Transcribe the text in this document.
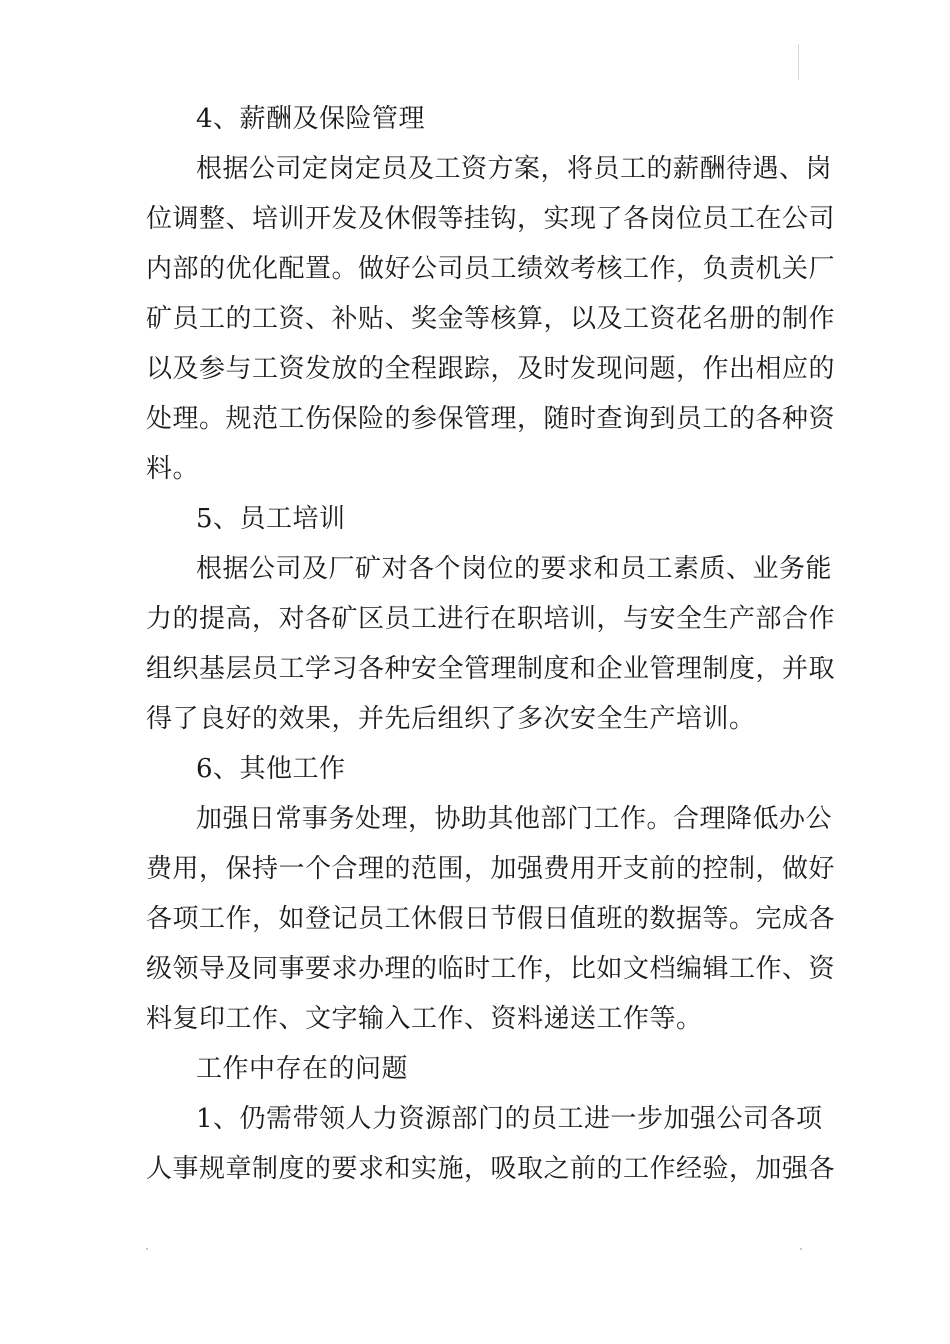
4、薪酬及保险管理
根据公司定岗定员及工资方案，将员工的薪酬待遇、岗
位调整、培训开发及休假等挂钩，实现了各岗位员工在公司
内部的优化配置。做好公司员工绩效考核工作，负责机关厂
矿员工的工资、补贴、奖金等核算，以及工资花名册的制作
以及参与工资发放的全程跟踪，及时发现问题，作出相应的
处理。规范工伤保险的参保管理，随时查询到员工的各种资
料。
5、员工培训
根据公司及厂矿对各个岗位的要求和员工素质、业务能
力的提高，对各矿区员工进行在职培训，与安全生产部合作
组织基层员工学习各种安全管理制度和企业管理制度，并取
得了良好的效果，并先后组织了多次安全生产培训。
6、其他工作
加强日常事务处理，协助其他部门工作。合理降低办公
费用，保持一个合理的范围，加强费用开支前的控制，做好
各项工作，如登记员工休假日节假日值班的数据等。完成各
级领导及同事要求办理的临时工作，比如文档编辑工作、资
料复印工作、文字输入工作、资料递送工作等。
工作中存在的问题
1、仍需带领人力资源部门的员工进一步加强公司各项
人事规章制度的要求和实施，吸取之前的工作经验，加强各
